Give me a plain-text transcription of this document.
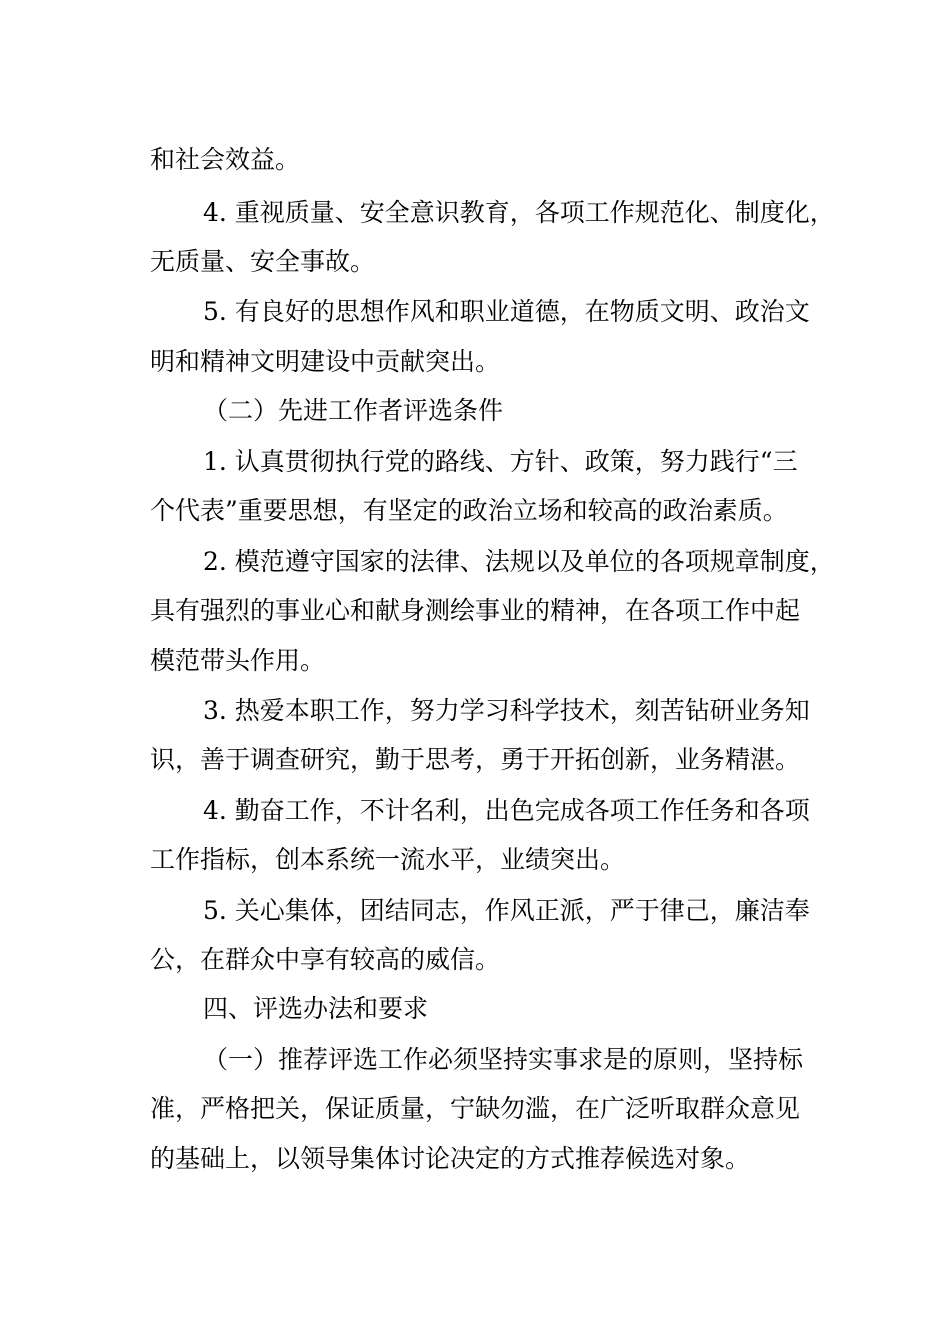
和社会效益。
4. 重视质量、安全意识教育，各项工作规范化、制度化，
无质量、安全事故。
5. 有良好的思想作风和职业道德，在物质文明、政治文
明和精神文明建设中贡献突出。
（二）先进工作者评选条件
1. 认真贯彻执行党的路线、方针、政策，努力践行“三
个代表”重要思想，有坚定的政治立场和较高的政治素质。
2. 模范遵守国家的法律、法规以及单位的各项规章制度，
具有强烈的事业心和献身测绘事业的精神，在各项工作中起
模范带头作用。
3. 热爱本职工作，努力学习科学技术，刻苦钻研业务知
识，善于调查研究，勤于思考，勇于开拓创新，业务精湛。
4. 勤奋工作，不计名利，出色完成各项工作任务和各项
工作指标，创本系统一流水平，业绩突出。
5. 关心集体，团结同志，作风正派，严于律己，廉洁奉
公，在群众中享有较高的威信。
四、评选办法和要求
（一）推荐评选工作必须坚持实事求是的原则，坚持标
准，严格把关，保证质量，宁缺勿滥，在广泛听取群众意见
的基础上，以领导集体讨论决定的方式推荐候选对象。
